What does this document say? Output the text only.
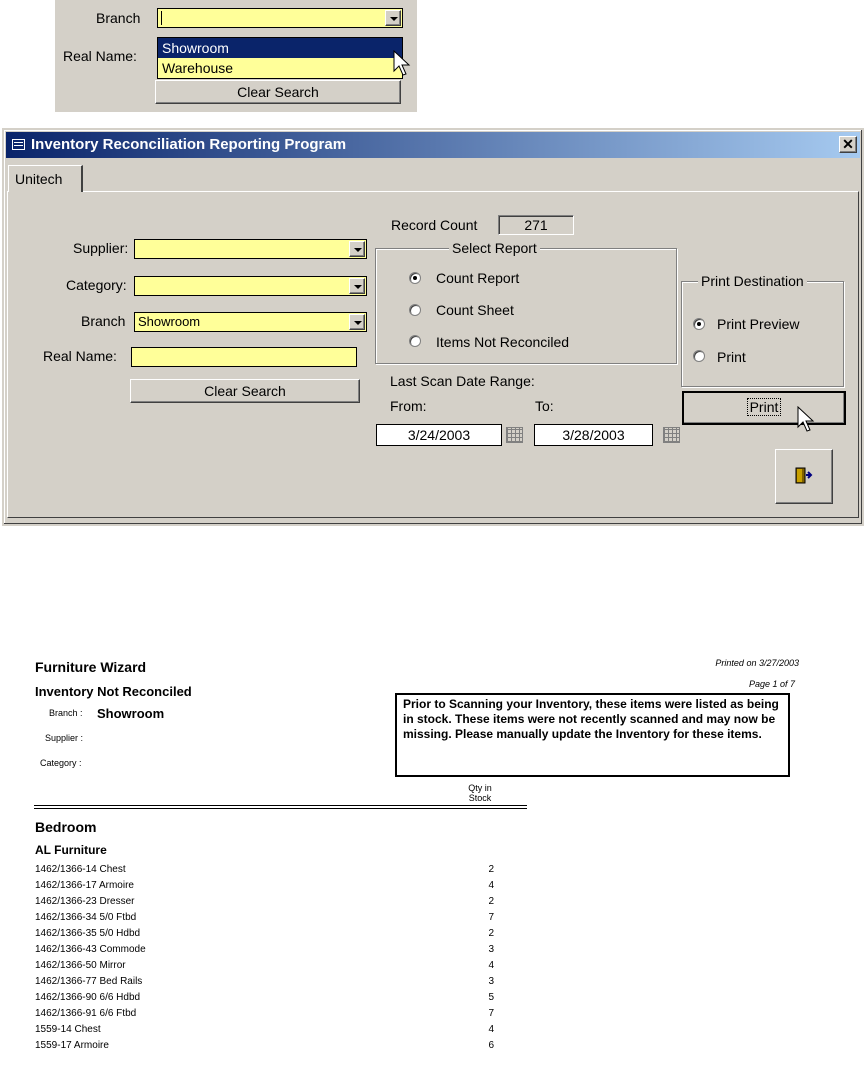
Branch
Real Name: Showroom
Warehouse
Clear Search
Inventory Reconciliation Reporting Program	✕
Unitech
Record Count	271
Supplier:
Category:
Branch Showroom
Real Name:
Clear Search
Select Report
Count Report
Count Sheet
Items Not Reconciled
Last Scan Date Range:
From:	To:
3/24/2003	3/28/2003
Print Destination
Print Preview
Print
Print
Furniture Wizard
Inventory Not Reconciled
Branch : Showroom
Supplier :
Category :
Printed on 3/27/2003
Page 1 of 7
Prior to Scanning your Inventory, these items were listed as being in stock. These items were not recently scanned and may now be missing. Please manually update the Inventory for these items.
Qty in
Stock
Bedroom
AL Furniture
1462/1366-14 Chest	2
1462/1366-17 Armoire	4
1462/1366-23 Dresser	2
1462/1366-34 5/0 Ftbd	7
1462/1366-35 5/0 Hdbd	2
1462/1366-43 Commode	3
1462/1366-50 Mirror	4
1462/1366-77 Bed Rails	3
1462/1366-90 6/6 Hdbd	5
1462/1366-91 6/6 Ftbd	7
1559-14 Chest	4
1559-17 Armoire	6
